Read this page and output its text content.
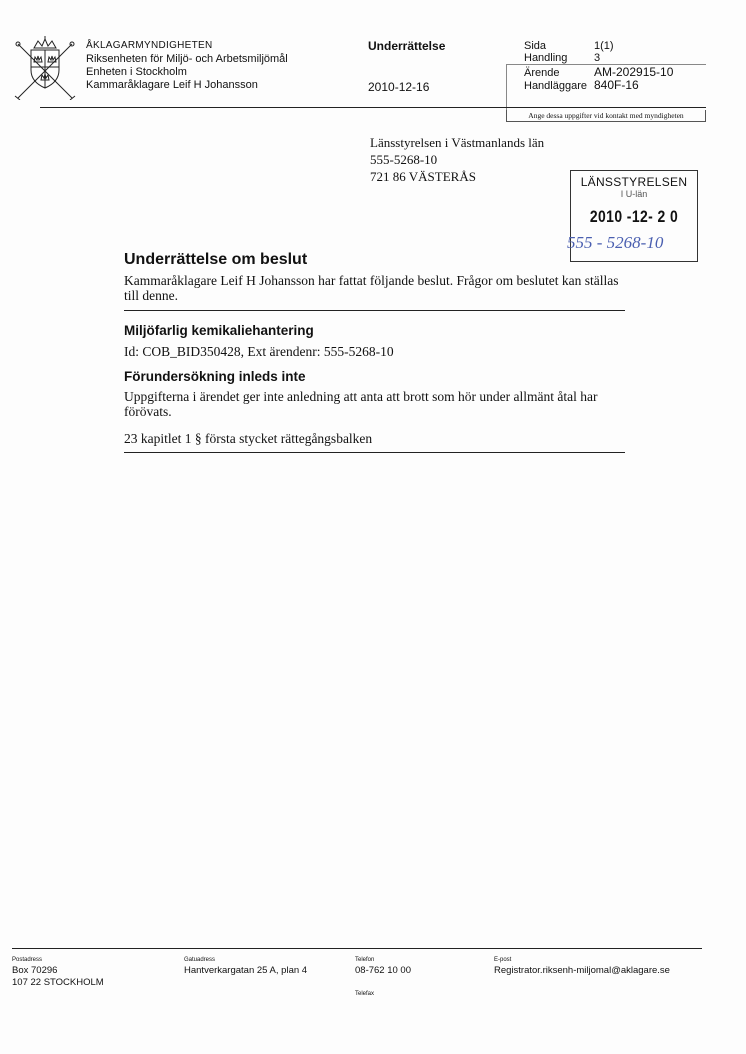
ÅKLAGARMYNDIGHETEN
Riksenheten för Miljö- och Arbetsmiljömål
Enheten i Stockholm
Kammaråklagare Leif H Johansson
Underrättelse
2010-12-16
Sida	1(1)
Handling 3
Ärende	AM-202915-10
Handläggare 840F-16
Ange dessa uppgifter vid kontakt med myndigheten
Länsstyrelsen i Västmanlands län
555-5268-10
721 86 VÄSTERÅS	LÄNSSTYRELSEN
I U-län
2010 -12- 2 0
555 - 5268-10
Underrättelse om beslut
Kammaråklagare Leif H Johansson har fattat följande beslut. Frågor om beslutet kan ställas till denne.
Miljöfarlig kemikaliehantering
Id: COB_BID350428, Ext ärendenr: 555-5268-10
Förundersökning inleds inte
Uppgifterna i ärendet ger inte anledning att anta att brott som hör under allmänt åtal har förövats.
23 kapitlet 1 § första stycket rättegångsbalken
Postadress
Box 70296
107 22 STOCKHOLM
Gatuadress
Hantverkargatan 25 A, plan 4
Telefon
08-762 10 00
Telefax
E-post
Registrator.riksenh-miljomal@aklagare.se
